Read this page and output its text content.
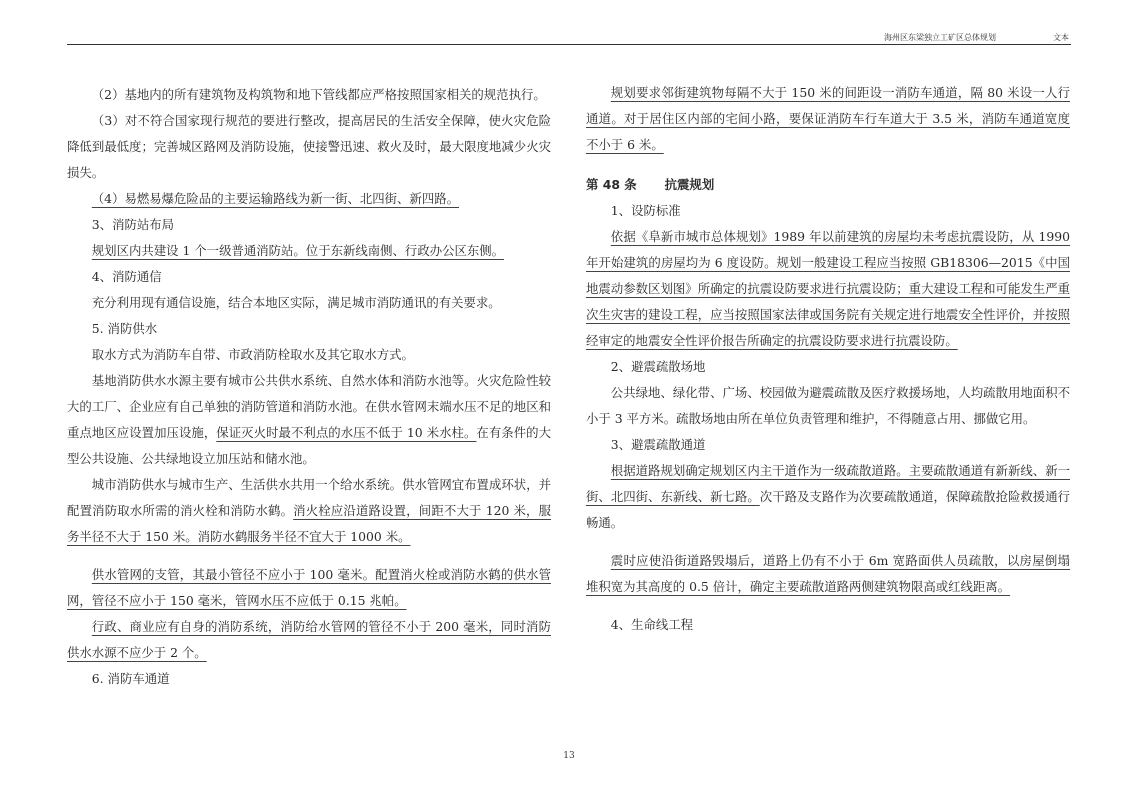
海州区东梁独立工矿区总体规划	文本

（2）基地内的所有建筑物及构筑物和地下管线都应严格按照国家相关的规范执行。

（3）对不符合国家现行规范的要进行整改，提高居民的生活安全保障，使火灾危险降低到最低度；完善城区路网及消防设施，使接警迅速、救火及时，最大限度地减少火灾损失。

（4）易燃易爆危险品的主要运输路线为新一街、北四街、新四路。

3、消防站布局

规划区内共建设 1 个一级普通消防站。位于东新线南侧、行政办公区东侧。

4、消防通信

充分利用现有通信设施，结合本地区实际，满足城市消防通讯的有关要求。

5. 消防供水

取水方式为消防车自带、市政消防栓取水及其它取水方式。

基地消防供水水源主要有城市公共供水系统、自然水体和消防水池等。火灾危险性较大的工厂、企业应有自己单独的消防管道和消防水池。在供水管网末端水压不足的地区和重点地区应设置加压设施，保证灭火时最不利点的水压不低于 10 米水柱。在有条件的大型公共设施、公共绿地设立加压站和储水池。

城市消防供水与城市生产、生活供水共用一个给水系统。供水管网宜布置成环状，并配置消防取水所需的消火栓和消防水鹤。消火栓应沿道路设置，间距不大于 120 米，服务半径不大于 150 米。消防水鹤服务半径不宜大于 1000 米。

供水管网的支管，其最小管径不应小于 100 毫米。配置消火栓或消防水鹤的供水管网，管径不应小于 150 毫米，管网水压不应低于 0.15 兆帕。

行政、商业应有自身的消防系统，消防给水管网的管径不小于 200 毫米，同时消防供水水源不应少于 2 个。

6. 消防车通道

规划要求邻街建筑物每隔不大于 150 米的间距设一消防车通道，隔 80 米设一人行通道。对于居住区内部的宅间小路，要保证消防车行车道大于 3.5 米，消防车通道宽度不小于 6 米。

第 48 条 抗震规划

1、设防标准

依据《阜新市城市总体规划》1989 年以前建筑的房屋均未考虑抗震设防，从 1990 年开始建筑的房屋均为 6 度设防。规划一般建设工程应当按照 GB18306—2015《中国地震动参数区划图》所确定的抗震设防要求进行抗震设防；重大建设工程和可能发生严重次生灾害的建设工程，应当按照国家法律或国务院有关规定进行地震安全性评价，并按照经审定的地震安全性评价报告所确定的抗震设防要求进行抗震设防。

2、避震疏散场地

公共绿地、绿化带、广场、校园做为避震疏散及医疗救援场地，人均疏散用地面积不小于 3 平方米。疏散场地由所在单位负责管理和维护，不得随意占用、挪做它用。

3、避震疏散通道

根据道路规划确定规划区内主干道作为一级疏散道路。主要疏散通道有新新线、新一街、北四街、东新线、新七路。次干路及支路作为次要疏散通道，保障疏散抢险救援通行畅通。

震时应使沿街道路毁塌后，道路上仍有不小于 6m 宽路面供人员疏散，以房屋倒塌堆积宽为其高度的 0.5 倍计，确定主要疏散道路两侧建筑物限高或红线距离。

4、生命线工程

13
